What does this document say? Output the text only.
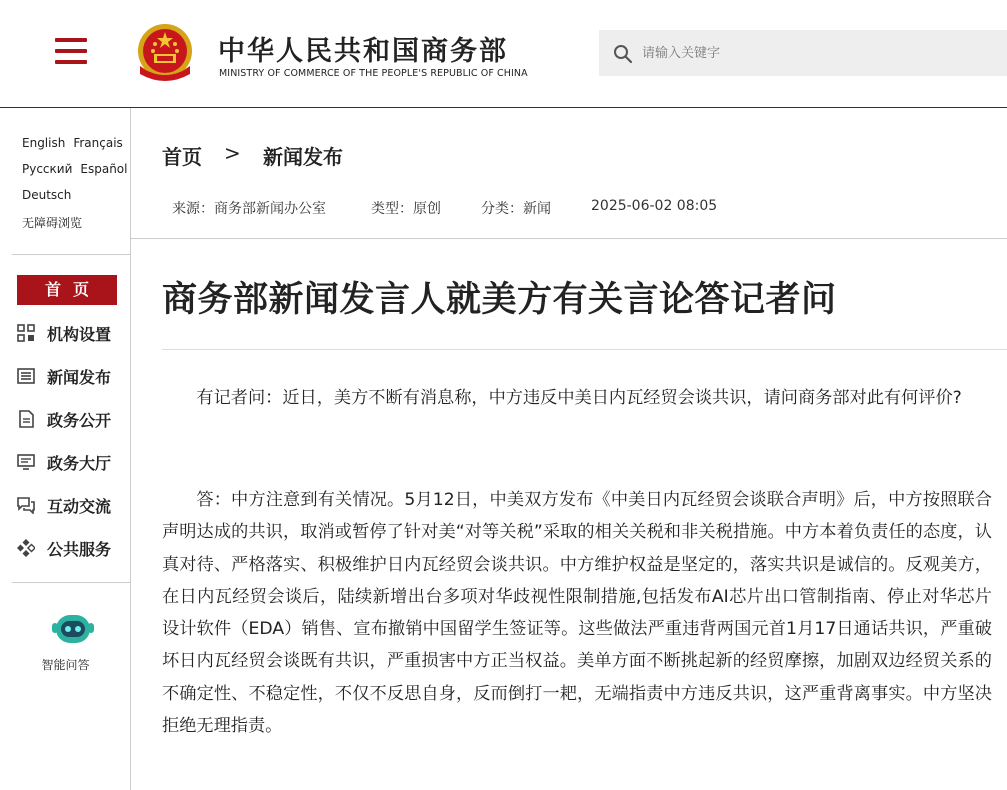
中华人民共和国商务部
MINISTRY OF COMMERCE OF THE PEOPLE'S REPUBLIC OF CHINA
请输入关键字
English Français
Русский Español
Deutsch
无障碍浏览
首页
机构设置
新闻发布
政务公开
政务大厅
互动交流
公共服务
智能问答
首页 > 新闻发布
来源：商务部新闻办公室	类型：原创	分类：新闻	2025-06-02 08:05
商务部新闻发言人就美方有关言论答记者问

有记者问：近日，美方不断有消息称，中方违反中美日内瓦经贸会谈共识，请问商务部对此有何评价?

答：中方注意到有关情况。5月12日，中美双方发布《中美日内瓦经贸会谈联合声明》后，中方按照联合声明达成的共识，取消或暂停了针对美“对等关税”采取的相关关税和非关税措施。中方本着负责任的态度，认真对待、严格落实、积极维护日内瓦经贸会谈共识。中方维护权益是坚定的，落实共识是诚信的。反观美方，在日内瓦经贸会谈后，陆续新增出台多项对华歧视性限制措施,包括发布AI芯片出口管制指南、停止对华芯片设计软件（EDA）销售、宣布撤销中国留学生签证等。这些做法严重违背两国元首1月17日通话共识，严重破坏日内瓦经贸会谈既有共识，严重损害中方正当权益。美单方面不断挑起新的经贸摩擦，加剧双边经贸关系的不确定性、不稳定性，不仅不反思自身，反而倒打一耙，无端指责中方违反共识，这严重背离事实。中方坚决拒绝无理指责。
